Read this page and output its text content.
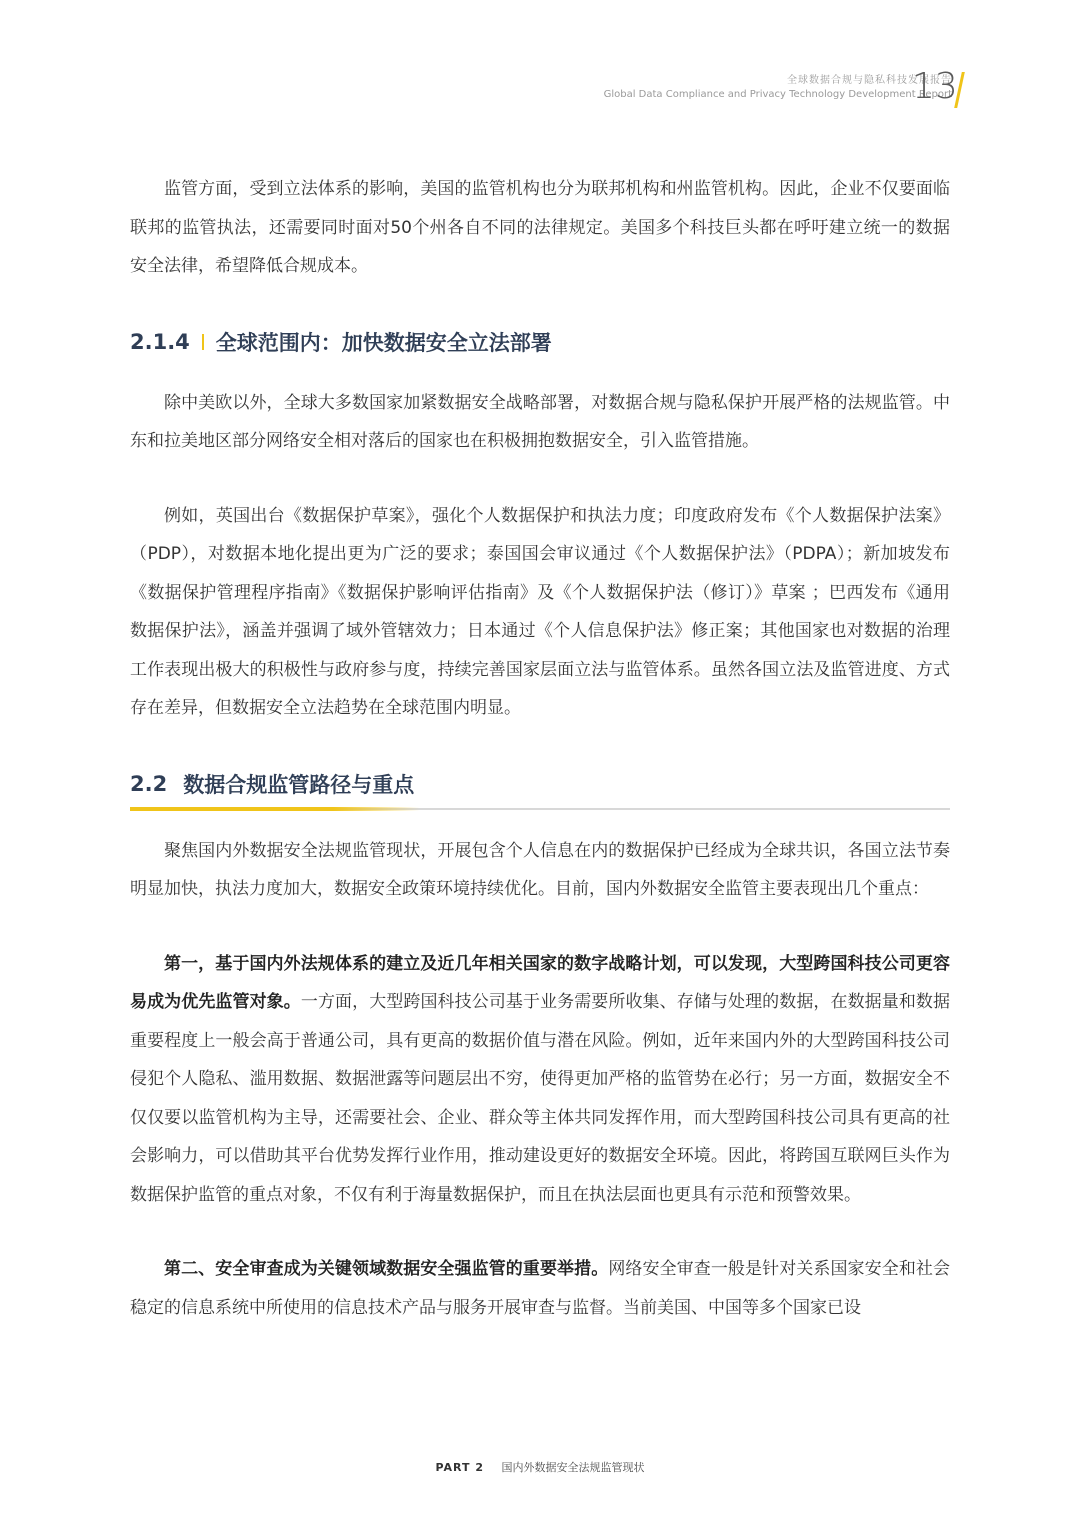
全球数据合规与隐私科技发展报告
Global Data Compliance and Privacy Technology Development Report
13

监管方面，受到立法体系的影响，美国的监管机构也分为联邦机构和州监管机构。因此，企业不仅要面临联邦的监管执法，还需要同时面对50个州各自不同的法律规定。美国多个科技巨头都在呼吁建立统一的数据安全法律，希望降低合规成本。

2.1.4 全球范围内：加快数据安全立法部署

除中美欧以外，全球大多数国家加紧数据安全战略部署，对数据合规与隐私保护开展严格的法规监管。中东和拉美地区部分网络安全相对落后的国家也在积极拥抱数据安全，引入监管措施。

例如，英国出台《数据保护草案》，强化个人数据保护和执法力度；印度政府发布《个人数据保护法案》（PDP），对数据本地化提出更为广泛的要求；泰国国会审议通过《个人数据保护法》（PDPA）；新加坡发布《数据保护管理程序指南》《数据保护影响评估指南》及《个人数据保护法（修订）》草案 ；巴西发布《通用数据保护法》，涵盖并强调了域外管辖效力；日本通过《个人信息保护法》修正案；其他国家也对数据的治理工作表现出极大的积极性与政府参与度，持续完善国家层面立法与监管体系。虽然各国立法及监管进度、方式存在差异，但数据安全立法趋势在全球范围内明显。

2.2 数据合规监管路径与重点

聚焦国内外数据安全法规监管现状，开展包含个人信息在内的数据保护已经成为全球共识，各国立法节奏明显加快，执法力度加大，数据安全政策环境持续优化。目前，国内外数据安全监管主要表现出几个重点：

第一，基于国内外法规体系的建立及近几年相关国家的数字战略计划，可以发现，大型跨国科技公司更容易成为优先监管对象。一方面，大型跨国科技公司基于业务需要所收集、存储与处理的数据，在数据量和数据重要程度上一般会高于普通公司，具有更高的数据价值与潜在风险。例如，近年来国内外的大型跨国科技公司侵犯个人隐私、滥用数据、数据泄露等问题层出不穷，使得更加严格的监管势在必行；另一方面，数据安全不仅仅要以监管机构为主导，还需要社会、企业、群众等主体共同发挥作用，而大型跨国科技公司具有更高的社会影响力，可以借助其平台优势发挥行业作用，推动建设更好的数据安全环境。因此，将跨国互联网巨头作为数据保护监管的重点对象，不仅有利于海量数据保护，而且在执法层面也更具有示范和预警效果。

第二、安全审查成为关键领域数据安全强监管的重要举措。网络安全审查一般是针对关系国家安全和社会稳定的信息系统中所使用的信息技术产品与服务开展审查与监督。当前美国、中国等多个国家已设

PART 2 国内外数据安全法规监管现状
